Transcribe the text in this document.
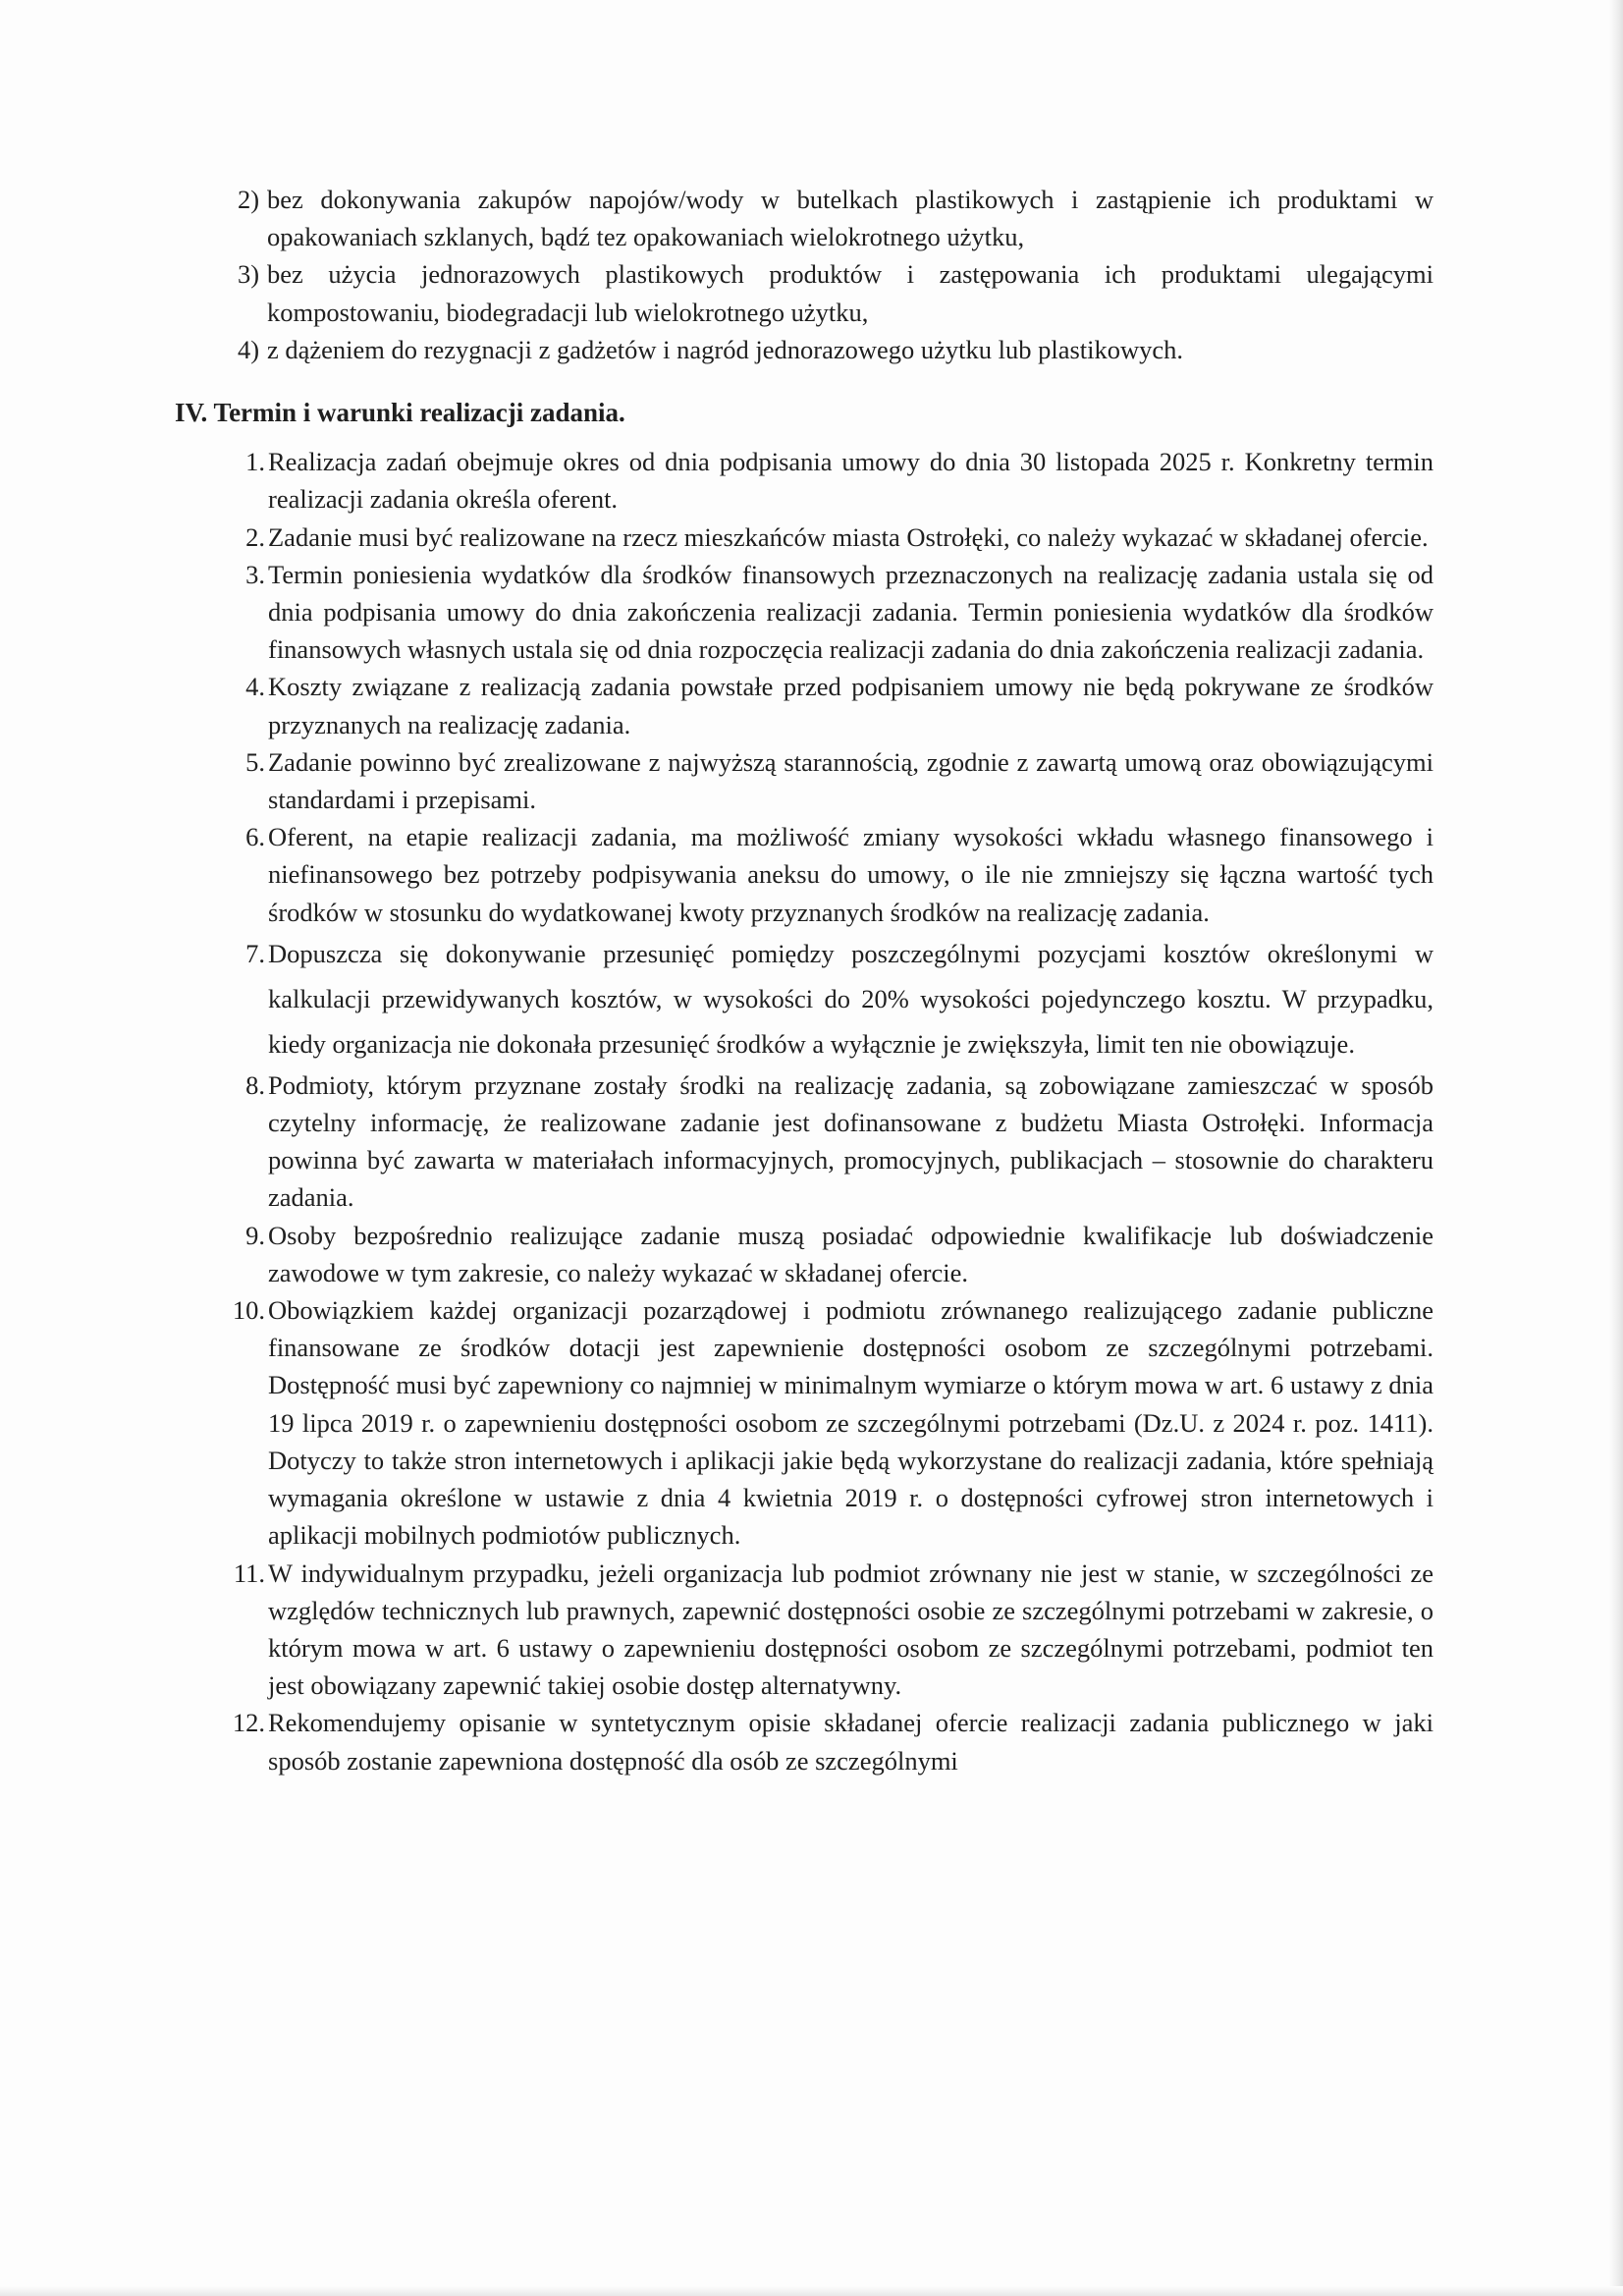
2) bez dokonywania zakupów napojów/wody w butelkach plastikowych i zastąpienie ich produktami w opakowaniach szklanych, bądź tez opakowaniach wielokrotnego użytku,
3) bez użycia jednorazowych plastikowych produktów i zastępowania ich produktami ulegającymi kompostowaniu, biodegradacji lub wielokrotnego użytku,
4) z dążeniem do rezygnacji z gadżetów i nagród jednorazowego użytku lub plastikowych.
IV. Termin i warunki realizacji zadania.
1. Realizacja zadań obejmuje okres od dnia podpisania umowy do dnia 30 listopada 2025 r. Konkretny termin realizacji zadania określa oferent.
2. Zadanie musi być realizowane na rzecz mieszkańców miasta Ostrołęki, co należy wykazać w składanej ofercie.
3. Termin poniesienia wydatków dla środków finansowych przeznaczonych na realizację zadania ustala się od dnia podpisania umowy do dnia zakończenia realizacji zadania. Termin poniesienia wydatków dla środków finansowych własnych ustala się od dnia rozpoczęcia realizacji zadania do dnia zakończenia realizacji zadania.
4. Koszty związane z realizacją zadania powstałe przed podpisaniem umowy nie będą pokrywane ze środków przyznanych na realizację zadania.
5. Zadanie powinno być zrealizowane z najwyższą starannością, zgodnie z zawartą umową oraz obowiązującymi standardami i przepisami.
6. Oferent, na etapie realizacji zadania, ma możliwość zmiany wysokości wkładu własnego finansowego i niefinansowego bez potrzeby podpisywania aneksu do umowy, o ile nie zmniejszy się łączna wartość tych środków w stosunku do wydatkowanej kwoty przyznanych środków na realizację zadania.
7. Dopuszcza się dokonywanie przesunięć pomiędzy poszczególnymi pozycjami kosztów określonymi w kalkulacji przewidywanych kosztów, w wysokości do 20% wysokości pojedynczego kosztu. W przypadku, kiedy organizacja nie dokonała przesunięć środków a wyłącznie je zwiększyła, limit ten nie obowiązuje.
8. Podmioty, którym przyznane zostały środki na realizację zadania, są zobowiązane zamieszczać w sposób czytelny informację, że realizowane zadanie jest dofinansowane z budżetu Miasta Ostrołęki. Informacja powinna być zawarta w materiałach informacyjnych, promocyjnych, publikacjach – stosownie do charakteru zadania.
9. Osoby bezpośrednio realizujące zadanie muszą posiadać odpowiednie kwalifikacje lub doświadczenie zawodowe w tym zakresie, co należy wykazać w składanej ofercie.
10. Obowiązkiem każdej organizacji pozarządowej i podmiotu zrównanego realizującego zadanie publiczne finansowane ze środków dotacji jest zapewnienie dostępności osobom ze szczególnymi potrzebami. Dostępność musi być zapewniony co najmniej w minimalnym wymiarze o którym mowa w art. 6 ustawy z dnia 19 lipca 2019 r. o zapewnieniu dostępności osobom ze szczególnymi potrzebami (Dz.U. z 2024 r. poz. 1411). Dotyczy to także stron internetowych i aplikacji jakie będą wykorzystane do realizacji zadania, które spełniają wymagania określone w ustawie z dnia 4 kwietnia 2019 r. o dostępności cyfrowej stron internetowych i aplikacji mobilnych podmiotów publicznych.
11. W indywidualnym przypadku, jeżeli organizacja lub podmiot zrównany nie jest w stanie, w szczególności ze względów technicznych lub prawnych, zapewnić dostępności osobie ze szczególnymi potrzebami w zakresie, o którym mowa w art. 6 ustawy o zapewnieniu dostępności osobom ze szczególnymi potrzebami, podmiot ten jest obowiązany zapewnić takiej osobie dostęp alternatywny.
12. Rekomendujemy opisanie w syntetycznym opisie składanej ofercie realizacji zadania publicznego w jaki sposób zostanie zapewniona dostępność dla osób ze szczególnymi
